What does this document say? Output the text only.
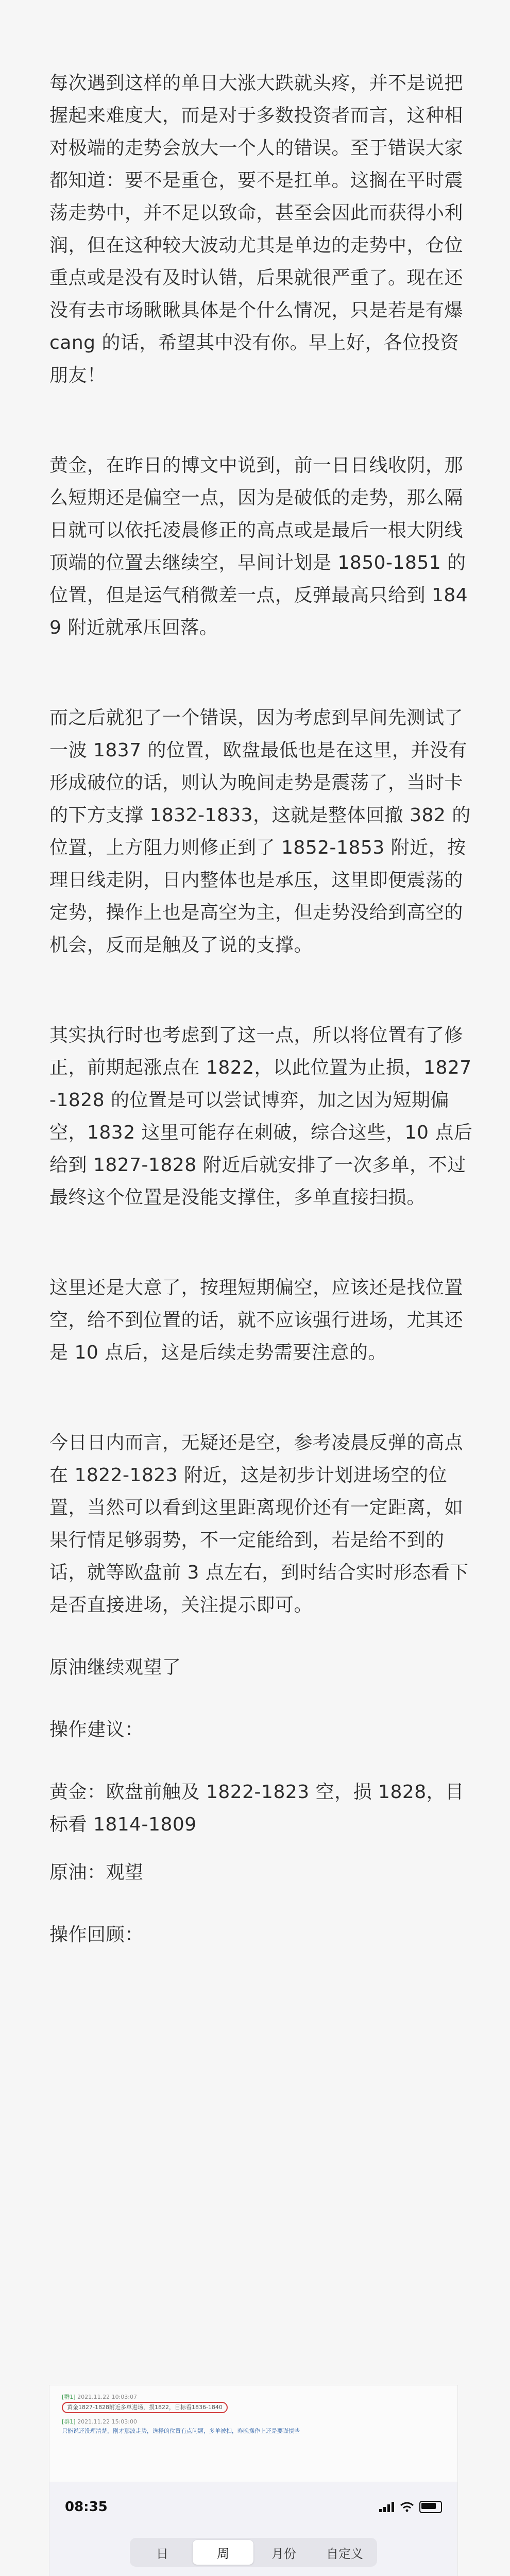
每次遇到这样的单日大涨大跌就头疼，并不是说把握起来难度大，而是对于多数投资者而言，这种相对极端的走势会放大一个人的错误。至于错误大家都知道：要不是重仓，要不是扛单。这搁在平时震荡走势中，并不足以致命，甚至会因此而获得小利润，但在这种较大波动尤其是单边的走势中，仓位重点或是没有及时认错，后果就很严重了。现在还没有去市场瞅瞅具体是个什么情况，只是若是有爆 cang 的话，希望其中没有你。早上好，各位投资朋友！

黄金，在昨日的博文中说到，前一日日线收阴，那么短期还是偏空一点，因为是破低的走势，那么隔日就可以依托凌晨修正的高点或是最后一根大阴线顶端的位置去继续空，早间计划是 1850-1851 的位置，但是运气稍微差一点，反弹最高只给到 1849 附近就承压回落。

而之后就犯了一个错误，因为考虑到早间先测试了一波 1837 的位置，欧盘最低也是在这里，并没有形成破位的话，则认为晚间走势是震荡了，当时卡的下方支撑 1832-1833，这就是整体回撤 382 的位置，上方阻力则修正到了 1852-1853 附近，按理日线走阴，日内整体也是承压，这里即便震荡的定势，操作上也是高空为主，但走势没给到高空的机会，反而是触及了说的支撑。

其实执行时也考虑到了这一点，所以将位置有了修正，前期起涨点在 1822，以此位置为止损，1827-1828 的位置是可以尝试博弈，加之因为短期偏空，1832 这里可能存在刺破，综合这些，10 点后给到 1827-1828 附近后就安排了一次多单，不过最终这个位置是没能支撑住，多单直接扫损。

这里还是大意了，按理短期偏空，应该还是找位置空，给不到位置的话，就不应该强行进场，尤其还是 10 点后，这是后续走势需要注意的。

今日日内而言，无疑还是空，参考凌晨反弹的高点在 1822-1823 附近，这是初步计划进场空的位置，当然可以看到这里距离现价还有一定距离，如果行情足够弱势，不一定能给到，若是给不到的话，就等欧盘前 3 点左右，到时结合实时形态看下是否直接进场，关注提示即可。

原油继续观望了

操作建议：

黄金：欧盘前触及 1822-1823 空，损 1828，目标看 1814-1809

原油：观望

操作回顾：

[群1] 2021.11.22 10:03:07
黄金1827-1828附近多单进场，损1822，目标看1836-1840
[群1] 2021.11.22 15:03:00
只能说还没理清楚，刚才那波走势，选择的位置有点问题，多单被扫，昨晚操作上还是要谨慎些
08:35
日	周	月份	自定义
